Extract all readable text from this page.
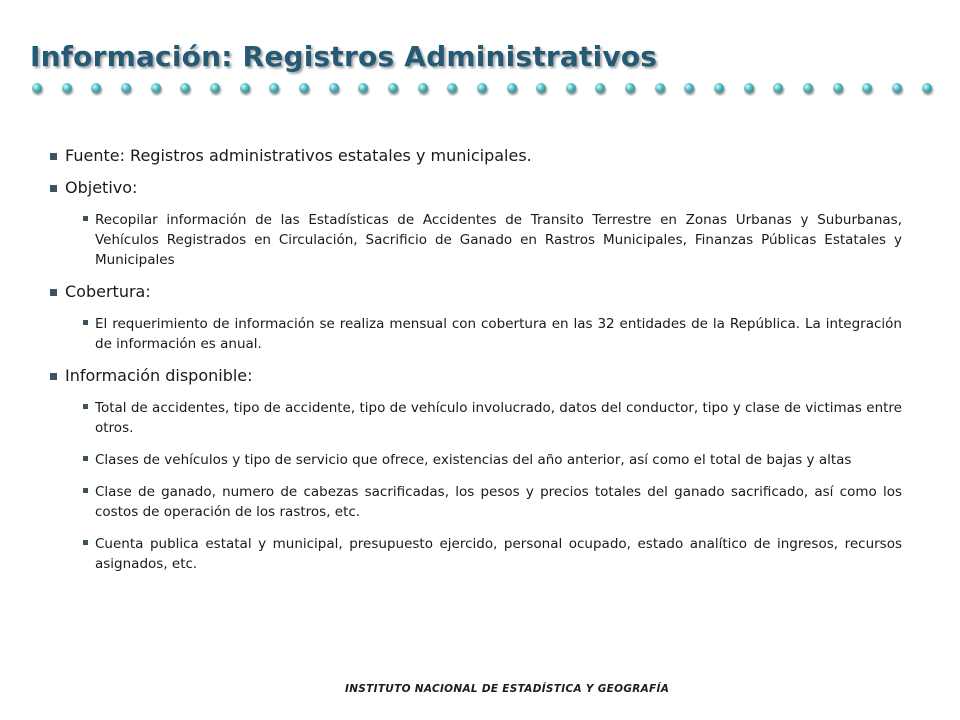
Información: Registros Administrativos
Fuente: Registros administrativos estatales y municipales.
Objetivo:
Recopilar información de las Estadísticas de Accidentes de Transito Terrestre en Zonas Urbanas y Suburbanas, Vehículos Registrados en Circulación, Sacrificio de Ganado en Rastros Municipales, Finanzas Públicas Estatales y Municipales
Cobertura:
El requerimiento de información se realiza mensual con cobertura en las 32 entidades de la República. La integración de información es anual.
Información disponible:
Total de accidentes, tipo de accidente, tipo de vehículo involucrado, datos del conductor, tipo y clase de victimas entre otros.
Clases de vehículos y tipo de servicio que ofrece, existencias del año anterior, así como el total de bajas y altas
Clase de ganado, numero de cabezas sacrificadas, los pesos y precios totales del ganado sacrificado, así como los costos de operación de los rastros, etc.
Cuenta publica estatal y municipal, presupuesto ejercido, personal ocupado, estado analítico de ingresos, recursos asignados, etc.
INSTITUTO NACIONAL DE ESTADÍSTICA Y GEOGRAFÍA
